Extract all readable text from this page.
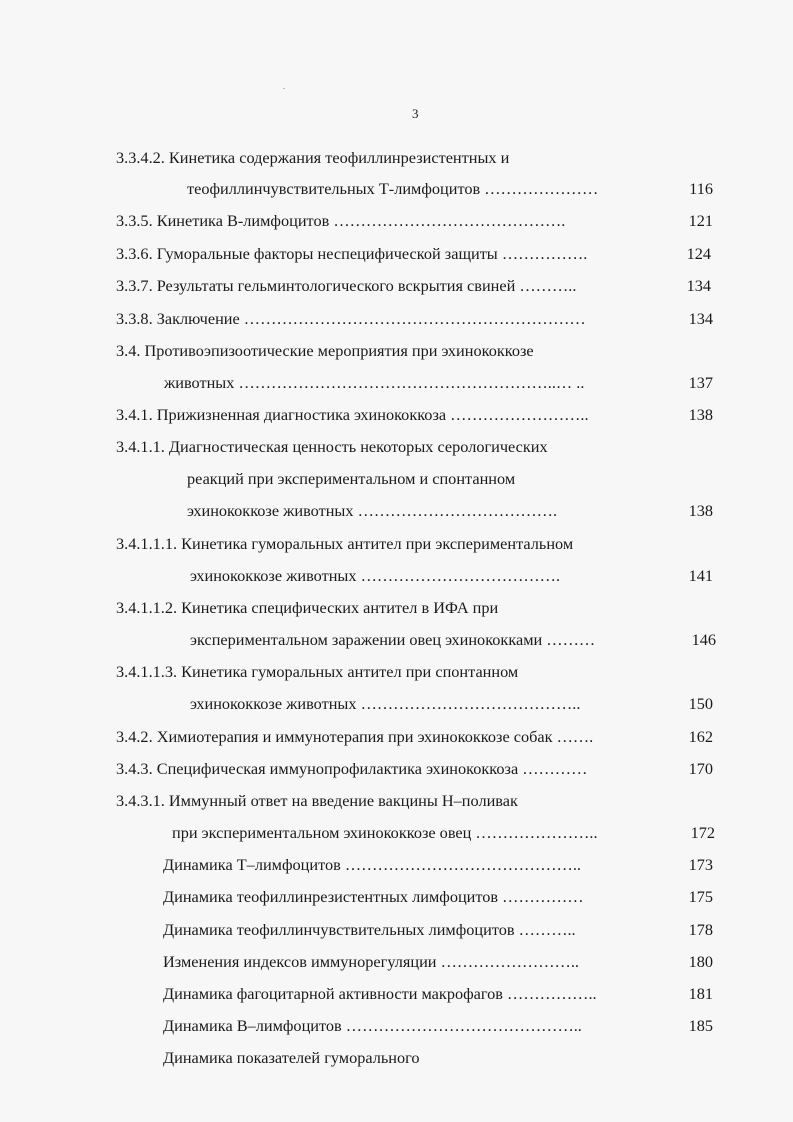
3
3.3.4.2. Кинетика содержания теофиллинрезистентных и
теофиллинчувствительных Т-лимфоцитов …………………	116
3.3.5. Кинетика В-лимфоцитов …………………………………….	121
3.3.6. Гуморальные факторы неспецифической защиты …………….	124
3.3.7. Результаты гельминтологического вскрытия свиней ………..	134
3.3.8. Заключение ………………………………………………………	134
3.4. Противоэпизоотические мероприятия при эхинококкозе
животных …………………………………………………..… ..	137
3.4.1. Прижизненная диагностика эхинококкоза ……………………..	138
3.4.1.1. Диагностическая ценность некоторых серологических
реакций при экспериментальном и спонтанном
эхинококкозе животных ……………………………….	138
3.4.1.1.1. Кинетика гуморальных антител при экспериментальном
эхинококкозе животных ……………………………….	141
3.4.1.1.2. Кинетика специфических антител в ИФА при
экспериментальном заражении овец эхинококками ………	146
3.4.1.1.3. Кинетика гуморальных антител при спонтанном
эхинококкозе животных …………………………………..	150
3.4.2. Химиотерапия и иммунотерапия при эхинококкозе собак …….	162
3.4.3. Специфическая иммунопрофилактика эхинококкоза …………	170
3.4.3.1. Иммунный ответ на введение вакцины Н–поливак
при экспериментальном эхинококкозе овец …………………..	172
Динамика Т–лимфоцитов ……………………………………..	173
Динамика теофиллинрезистентных лимфоцитов ……………	175
Динамика теофиллинчувствительных лимфоцитов ………..	178
Изменения индексов иммунорегуляции ……………………..	180
Динамика фагоцитарной активности макрофагов ……………..	181
Динамика В–лимфоцитов ……………………………………..	185
Динамика показателей гуморального
